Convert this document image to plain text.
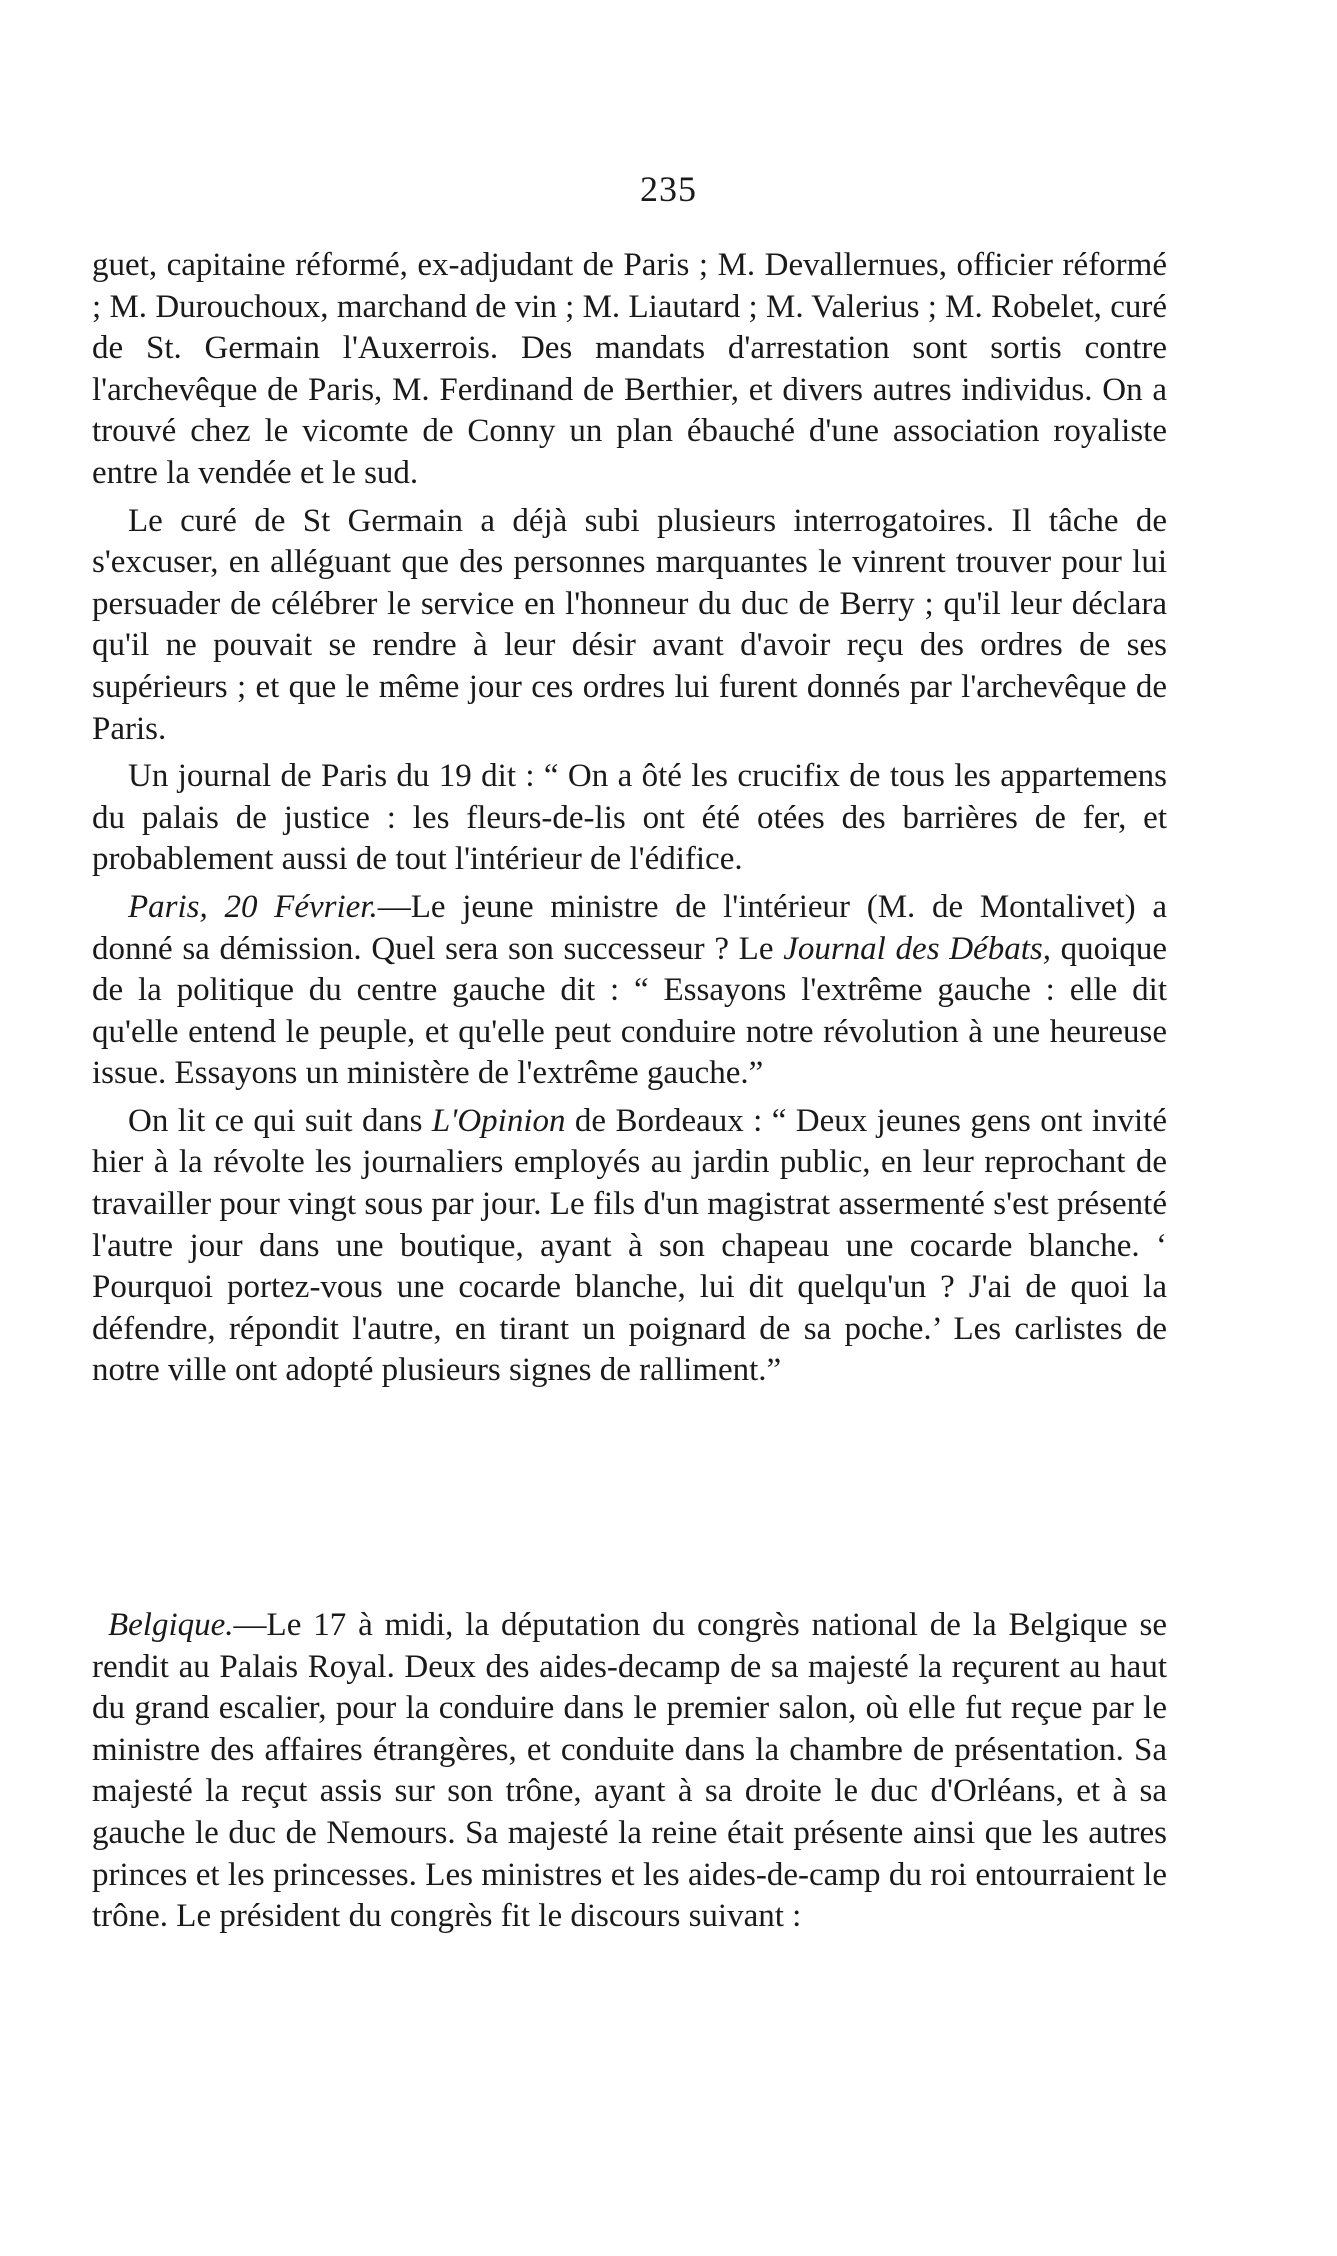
235

guet, capitaine réformé, ex-adjudant de Paris ; M. Devallernues, officier réformé ; M. Durouchoux, marchand de vin ; M. Liautard ; M. Valerius ; M. Robelet, curé de St. Germain l'Auxerrois. Des mandats d'arrestation sont sortis contre l'archevêque de Paris, M. Ferdinand de Berthier, et divers autres individus. On a trouvé chez le vicomte de Conny un plan ébauché d'une association royaliste entre la vendée et le sud.

Le curé de St Germain a déjà subi plusieurs interrogatoires. Il tâche de s'excuser, en alléguant que des personnes marquantes le vinrent trouver pour lui persuader de célébrer le service en l'honneur du duc de Berry ; qu'il leur déclara qu'il ne pouvait se rendre à leur désir avant d'avoir reçu des ordres de ses supérieurs ; et que le même jour ces ordres lui furent donnés par l'archevêque de Paris.

Un journal de Paris du 19 dit : “ On a ôté les crucifix de tous les appartemens du palais de justice : les fleurs-de-lis ont été otées des barrières de fer, et probablement aussi de tout l'intérieur de l'édifice.

Paris, 20 Février.—Le jeune ministre de l'intérieur (M. de Montalivet) a donné sa démission. Quel sera son successeur ? Le Journal des Débats, quoique de la politique du centre gauche dit : “ Essayons l'extrême gauche : elle dit qu'elle entend le peuple, et qu'elle peut conduire notre révolution à une heureuse issue. Essayons un ministère de l'extrême gauche.”

On lit ce qui suit dans L'Opinion de Bordeaux : “ Deux jeunes gens ont invité hier à la révolte les journaliers employés au jardin public, en leur reprochant de travailler pour vingt sous par jour. Le fils d'un magistrat assermenté s'est présenté l'autre jour dans une boutique, ayant à son chapeau une cocarde blanche. ‘ Pourquoi portez-vous une cocarde blanche, lui dit quelqu'un ? J'ai de quoi la défendre, répondit l'autre, en tirant un poignard de sa poche.’ Les carlistes de notre ville ont adopté plusieurs signes de ralliment.”

Belgique.—Le 17 à midi, la députation du congrès national de la Belgique se rendit au Palais Royal. Deux des aides-decamp de sa majesté la reçurent au haut du grand escalier, pour la conduire dans le premier salon, où elle fut reçue par le ministre des affaires étrangères, et conduite dans la chambre de présentation. Sa majesté la reçut assis sur son trône, ayant à sa droite le duc d'Orléans, et à sa gauche le duc de Nemours. Sa majesté la reine était présente ainsi que les autres princes et les princesses. Les ministres et les aides-de-camp du roi entourraient le trône. Le président du congrès fit le discours suivant :
